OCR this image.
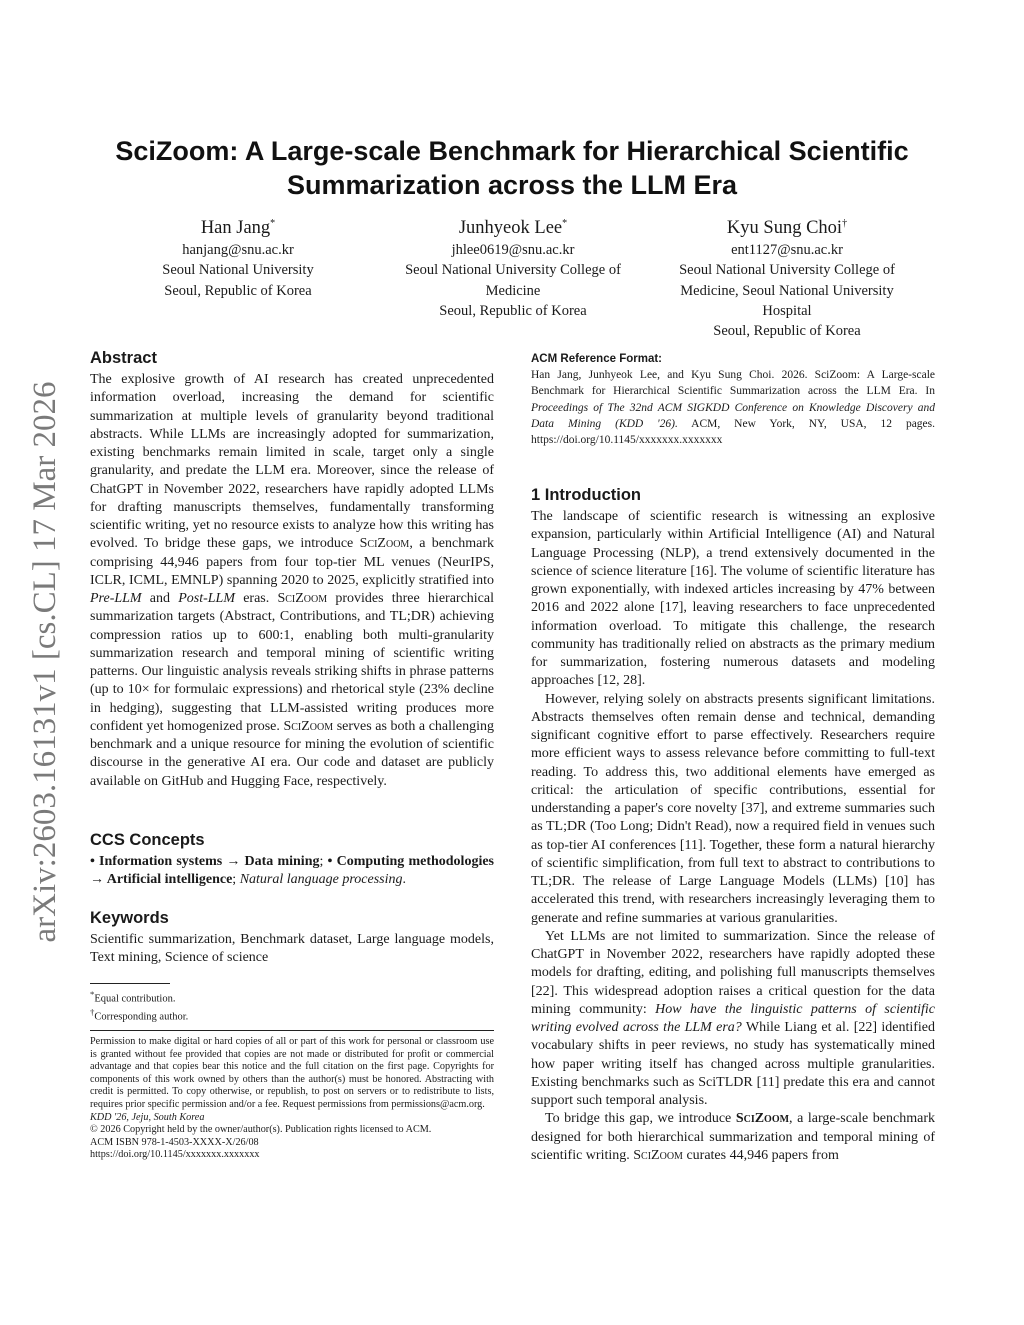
arXiv:2603.16131v1 [cs.CL] 17 Mar 2026
SciZoom: A Large-scale Benchmark for Hierarchical Scientific
Summarization across the LLM Era
Han Jang*
hanjang@snu.ac.kr
Seoul National University
Seoul, Republic of Korea
Junhyeok Lee*
jhlee0619@snu.ac.kr
Seoul National University College of
Medicine
Seoul, Republic of Korea
Kyu Sung Choi†
ent1127@snu.ac.kr
Seoul National University College of
Medicine, Seoul National University
Hospital
Seoul, Republic of Korea
Abstract

The explosive growth of AI research has created unprecedented information overload, increasing the demand for scientific summarization at multiple levels of granularity beyond traditional abstracts. While LLMs are increasingly adopted for summarization, existing benchmarks remain limited in scale, target only a single granularity, and predate the LLM era. Moreover, since the release of ChatGPT in November 2022, researchers have rapidly adopted LLMs for drafting manuscripts themselves, fundamentally transforming scientific writing, yet no resource exists to analyze how this writing has evolved. To bridge these gaps, we introduce SciZoom, a benchmark comprising 44,946 papers from four top-tier ML venues (NeurIPS, ICLR, ICML, EMNLP) spanning 2020 to 2025, explicitly stratified into Pre-LLM and Post-LLM eras. SciZoom provides three hierarchical summarization targets (Abstract, Contributions, and TL;DR) achieving compression ratios up to 600:1, enabling both multi-granularity summarization research and temporal mining of scientific writing patterns. Our linguistic analysis reveals striking shifts in phrase patterns (up to 10× for formulaic expressions) and rhetorical style (23% decline in hedging), suggesting that LLM-assisted writing produces more confident yet homogenized prose. SciZoom serves as both a challenging benchmark and a unique resource for mining the evolution of scientific discourse in the generative AI era. Our code and dataset are publicly available on GitHub and Hugging Face, respectively.

CCS Concepts

• Information systems → Data mining; • Computing methodologies → Artificial intelligence; Natural language processing.

Keywords

Scientific summarization, Benchmark dataset, Large language models, Text mining, Science of science

*Equal contribution.
†Corresponding author.
Permission to make digital or hard copies of all or part of this work for personal or classroom use is granted without fee provided that copies are not made or distributed for profit or commercial advantage and that copies bear this notice and the full citation on the first page. Copyrights for components of this work owned by others than the author(s) must be honored. Abstracting with credit is permitted. To copy otherwise, or republish, to post on servers or to redistribute to lists, requires prior specific permission and/or a fee. Request permissions from permissions@acm.org.
KDD '26, Jeju, South Korea
© 2026 Copyright held by the owner/author(s). Publication rights licensed to ACM.
ACM ISBN 978-1-4503-XXXX-X/26/08
https://doi.org/10.1145/xxxxxxx.xxxxxxx
ACM Reference Format:
Han Jang, Junhyeok Lee, and Kyu Sung Choi. 2026. SciZoom: A Large-scale Benchmark for Hierarchical Scientific Summarization across the LLM Era. In Proceedings of The 32nd ACM SIGKDD Conference on Knowledge Discovery and Data Mining (KDD '26). ACM, New York, NY, USA, 12 pages. https://doi.org/10.1145/xxxxxxx.xxxxxxx
1 Introduction

The landscape of scientific research is witnessing an explosive expansion, particularly within Artificial Intelligence (AI) and Natural Language Processing (NLP), a trend extensively documented in the science of science literature [16]. The volume of scientific literature has grown exponentially, with indexed articles increasing by 47% between 2016 and 2022 alone [17], leaving researchers to face unprecedented information overload. To mitigate this challenge, the research community has traditionally relied on abstracts as the primary medium for summarization, fostering numerous datasets and modeling approaches [12, 28].

However, relying solely on abstracts presents significant limitations. Abstracts themselves often remain dense and technical, demanding significant cognitive effort to parse effectively. Researchers require more efficient ways to assess relevance before committing to full-text reading. To address this, two additional elements have emerged as critical: the articulation of specific contributions, essential for understanding a paper's core novelty [37], and extreme summaries such as TL;DR (Too Long; Didn't Read), now a required field in venues such as top-tier AI conferences [11]. Together, these form a natural hierarchy of scientific simplification, from full text to abstract to contributions to TL;DR. The release of Large Language Models (LLMs) [10] has accelerated this trend, with researchers increasingly leveraging them to generate and refine summaries at various granularities.

Yet LLMs are not limited to summarization. Since the release of ChatGPT in November 2022, researchers have rapidly adopted these models for drafting, editing, and polishing full manuscripts themselves [22]. This widespread adoption raises a critical question for the data mining community: How have the linguistic patterns of scientific writing evolved across the LLM era? While Liang et al. [22] identified vocabulary shifts in peer reviews, no study has systematically mined how paper writing itself has changed across multiple granularities. Existing benchmarks such as SciTLDR [11] predate this era and cannot support such temporal analysis.

To bridge this gap, we introduce SciZoom, a large-scale benchmark designed for both hierarchical summarization and temporal mining of scientific writing. SciZoom curates 44,946 papers from
